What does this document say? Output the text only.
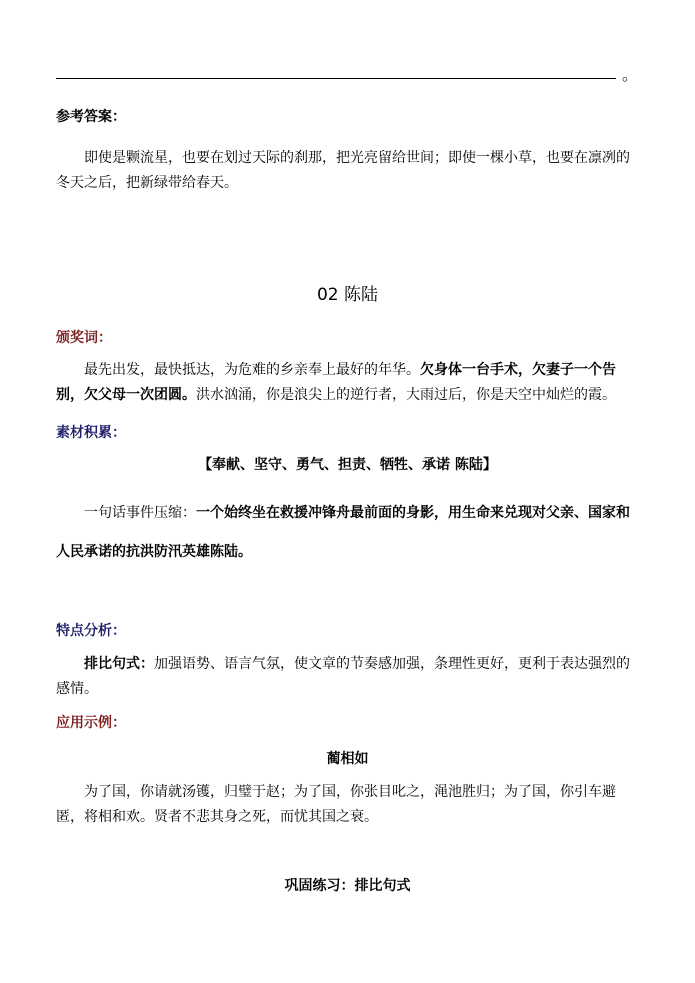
。
参考答案：

即使是颗流星，也要在划过天际的刹那，把光亮留给世间；即使一棵小草，也要在凛冽的冬天之后，把新绿带给春天。

02 陈陆
颁奖词：

最先出发，最快抵达，为危难的乡亲奉上最好的年华。欠身体一台手术，欠妻子一个告别，欠父母一次团圆。洪水汹涌，你是浪尖上的逆行者，大雨过后，你是天空中灿烂的霞。

素材积累：
【奉献、坚守、勇气、担责、牺牲、承诺 陈陆】

一句话事件压缩：一个始终坐在救援冲锋舟最前面的身影，用生命来兑现对父亲、国家和人民承诺的抗洪防汛英雄陈陆。

特点分析：

排比句式：加强语势、语言气氛，使文章的节奏感加强，条理性更好，更利于表达强烈的感情。

应用示例：
蔺相如

为了国，你请就汤镬，归璧于赵；为了国，你张目叱之，渑池胜归；为了国，你引车避匿，将相和欢。贤者不悲其身之死，而忧其国之衰。

巩固练习：排比句式
